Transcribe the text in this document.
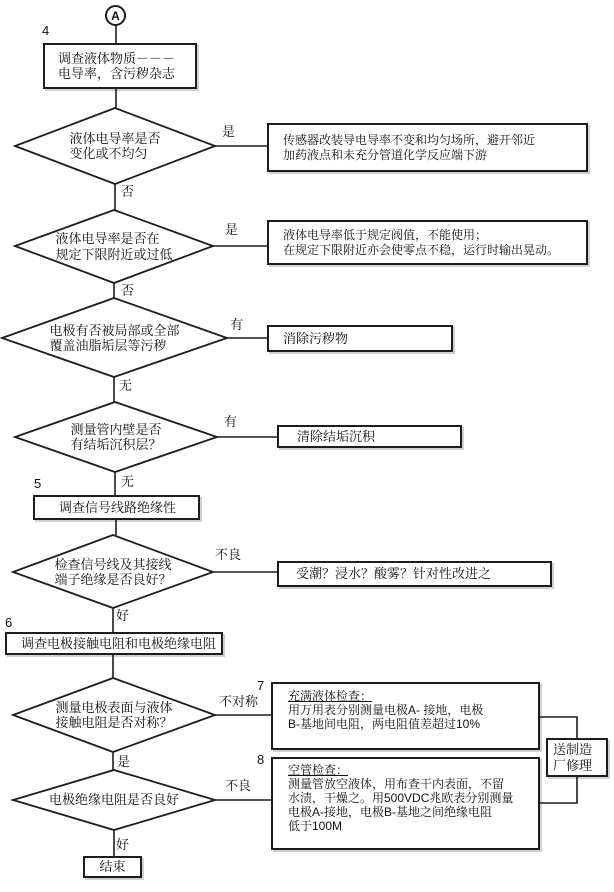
A
4
5
6
7
8
调查液体物质－－－
电导率，含污秽杂志
液体电导率是否
变化或不均匀
液体电导率是否在
规定下限附近或过低
电极有否被局部或全部
覆盖油脂垢层等污秽
测量管内壁是否
有结垢沉积层？
检查信号线及其接线
端子绝缘是否良好？
测量电极表面与液体
接触电阻是否对称？
电极绝缘电阻是否良好
是
否
是
否
有
无
有
无
不良
好
不对称
是
不良
好
传感器改装导电导率不变和均匀场所，避开邻近
加药液点和未充分管道化学反应端下游
液体电导率低于规定阀值，不能使用；
在规定下限附近亦会使零点不稳，运行时输出晃动。
消除污秽物
清除结垢沉积
受潮？浸水？酸雾？针对性改进之
调查信号线路绝缘性
调查电极接触电阻和电极绝缘电阻
充满液体检查：
用万用表分别测量电极A- 接地，电极
B-基地间电阻，两电阻值差超过10%
空管检查：
测量管放空液体，用布查干内表面，不留
水渍，干燥之。用500VDC兆欧表分别测量
电极A-接地，电极B-基地之间绝缘电阻
低于100M
送制造
厂修理
结束
